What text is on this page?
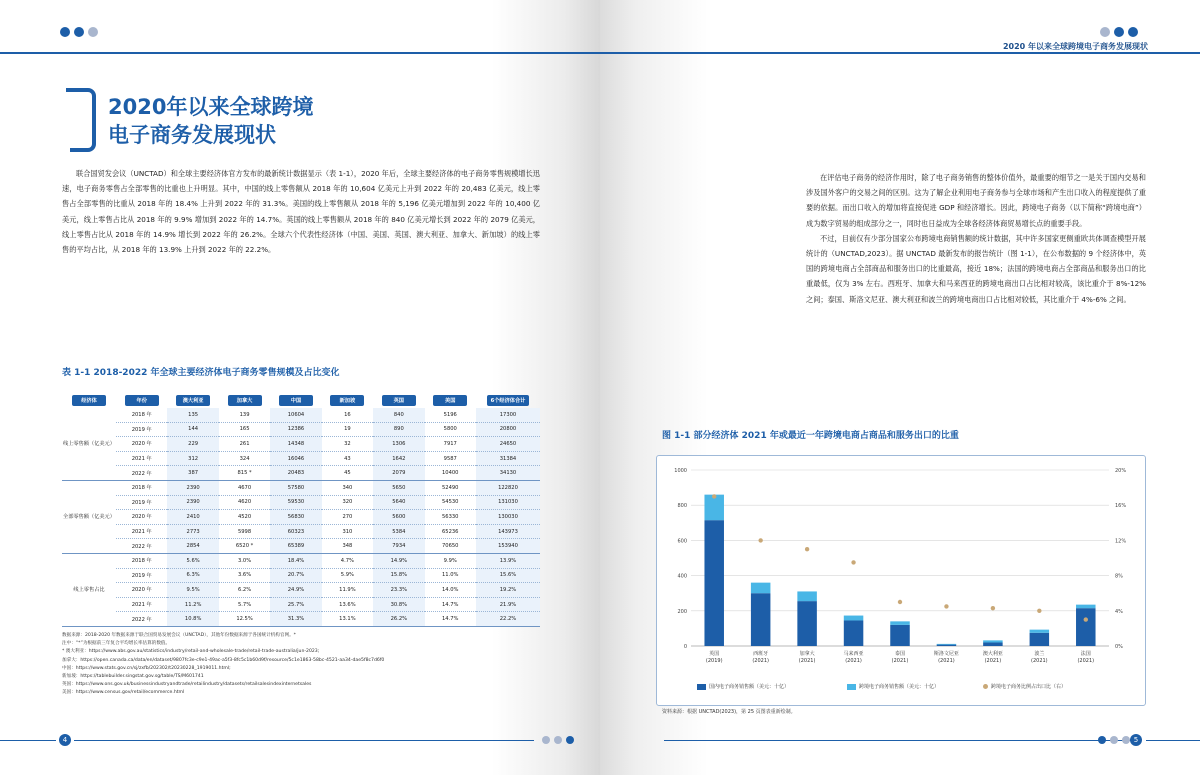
2020年以来全球跨境
电子商务发展现状

联合国贸发会议（UNCTAD）和全球主要经济体官方发布的最新统计数据显示（表 1-1），2020 年后，全球主要经济体的电子商务零售规模增长迅速，电子商务零售占全部零售的比重也上升明显。其中，中国的线上零售额从 2018 年的 10,604 亿美元上升到 2022 年的 20,483 亿美元，线上零售占全部零售的比重从 2018 年的 18.4% 上升到 2022 年的 31.3%。美国的线上零售额从 2018 年的 5,196 亿美元增加到 2022 年的 10,400 亿美元，线上零售占比从 2018 年的 9.9% 增加到 2022 年的 14.7%。英国的线上零售额从 2018 年的 840 亿美元增长到 2022 年的 2079 亿美元，线上零售占比从 2018 年的 14.9% 增长到 2022 年的 26.2%。全球六个代表性经济体（中国、美国、英国、澳大利亚、加拿大、新加坡）的线上零售的平均占比，从 2018 年的 13.9% 上升到 2022 年的 22.2%。

表 1-1 2018-2022 年全球主要经济体电子商务零售规模及占比变化
经济体	年份	澳大利亚	加拿大	中国	新加坡	英国	美国	6个经济体合计
线上零售额（亿美元）	2018 年	135	139	10604	16	840	5196	17300
	2019 年	144	165	12386	19	890	5800	20800
	2020 年	229	261	14348	32	1306	7917	24650
	2021 年	312	324	16046	43	1642	9587	31384
	2022 年	387	815 *	20483	45	2079	10400	34130
全部零售额（亿美元）	2018 年	2390	4670	57580	340	5650	52490	122820
	2019 年	2390	4620	59530	320	5640	54530	131030
	2020 年	2410	4520	56830	270	5600	56330	130030
	2021 年	2773	5998	60323	310	5384	65236	143973
	2022 年	2854	6520 *	65389	348	7934	70650	153940
线上零售占比	2018 年	5.6%	3.0%	18.4%	4.7%	14.9%	9.9%	13.9%
	2019 年	6.3%	3.6%	20.7%	5.9%	15.8%	11.0%	15.6%
	2020 年	9.5%	6.2%	24.9%	11.9%	23.3%	14.0%	19.2%
	2021 年	11.2%	5.7%	25.7%	13.6%	30.8%	14.7%	21.9%
	2022 年	10.8%	12.5%	31.3%	13.1%	26.2%	14.7%	22.2%
数据来源：2018-2020 年数据来源于联合国贸易发展会议（UNCTAD），其他年份数据来源于各国统计机构官网。*
注中：“*”为根据前三年复合平均增长率估算的数值。
* 澳大利亚：https://www.abs.gov.au/statistics/industry/retail-and-wholesale-trade/retail-trade-australia/jun-2023;
加拿大：https://open.canada.ca/data/en/dataset/9807fc3e-c9e1-49ac-a5f3-8fc5c1b60d9f/resource/5c1e1863-58bc-4521-aa34-dae5f8c7d6f0
中国：https://www.stats.gov.cn/sj/zxfb/202302/t20230228_1919011.html;
新加坡：https://tablebuilder.singstat.gov.sg/table/TS/M601741
英国：https://www.ons.gov.uk/businessindustryandtrade/retailindustry/datasets/retailsalesindexinternetsales
美国：https://www.census.gov/retail/ecommerce.html
4
2020 年以来全球跨境电子商务发展现状

在评估电子商务的经济作用时，除了电子商务销售的整体价值外，最重要的细节之一是关于国内交易和涉及国外客户的交易之间的区别。这为了解企业利用电子商务参与全球市场和产生出口收入的程度提供了重要的依据。而出口收入的增加将直接促进 GDP 和经济增长。因此，跨境电子商务（以下简称“跨境电商”）成为数字贸易的组成部分之一，同时也日益成为全球各经济体商贸易增长点的重要手段。

不过，目前仅有少部分国家公布跨境电商销售额的统计数据，其中许多国家更侧重欧共体调查模型开展统计的（UNCTAD,2023）。据 UNCTAD 最新发布的报告统计（图 1-1），在公布数据的 9 个经济体中，英国的跨境电商占全部商品和服务出口的比重最高，接近 18%；法国的跨境电商占全部商品和服务出口的比重最低，仅为 3% 左右。西班牙、加拿大和马来西亚的跨境电商出口占比相对较高，该比重介于 8%-12% 之间；泰国、斯洛文尼亚、澳大利亚和波兰的跨境电商出口占比相对较低，其比重介于 4%-6% 之间。

图 1-1 部分经济体 2021 年或最近一年跨境电商占商品和服务出口的比重
资料来源：根据 UNCTAD(2023)，第 25 页图表重新绘制。
5
0
200
400
600
800
1000
0%
4%
8%
12%
16%
20%
英国
(2019)
西班牙
(2021)
加拿大
(2021)
马来西亚
(2021)
泰国
(2021)
斯洛文尼亚
(2021)
澳大利亚
(2021)
波兰
(2021)
法国
(2021)
国内电子商务销售额（美元：十亿）	跨境电子商务销售额（美元：十亿）	跨境电子商务比例占出口比（右）
